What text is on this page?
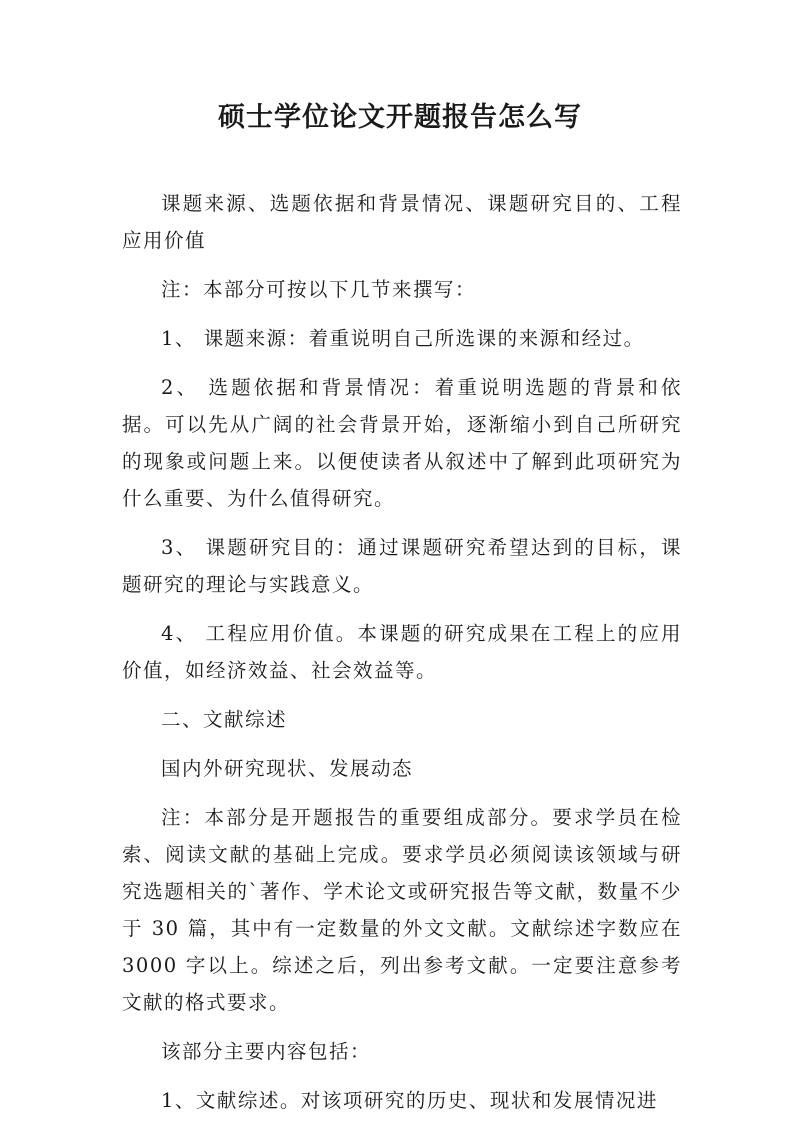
硕士学位论文开题报告怎么写

课题来源、选题依据和背景情况、课题研究目的、工程应用价值

注：本部分可按以下几节来撰写：

1、 课题来源：着重说明自己所选课的来源和经过。

2、 选题依据和背景情况：着重说明选题的背景和依据。可以先从广阔的社会背景开始，逐渐缩小到自己所研究的现象或问题上来。以便使读者从叙述中了解到此项研究为什么重要、为什么值得研究。

3、 课题研究目的：通过课题研究希望达到的目标，课题研究的理论与实践意义。

4、 工程应用价值。本课题的研究成果在工程上的应用价值，如经济效益、社会效益等。

二、文献综述

国内外研究现状、发展动态

注：本部分是开题报告的重要组成部分。要求学员在检索、阅读文献的基础上完成。要求学员必须阅读该领域与研究选题相关的`著作、学术论文或研究报告等文献，数量不少于 30 篇，其中有一定数量的外文文献。文献综述字数应在 3000 字以上。综述之后，列出参考文献。一定要注意参考文献的格式要求。

该部分主要内容包括：

1、文献综述。对该项研究的历史、现状和发展情况进
